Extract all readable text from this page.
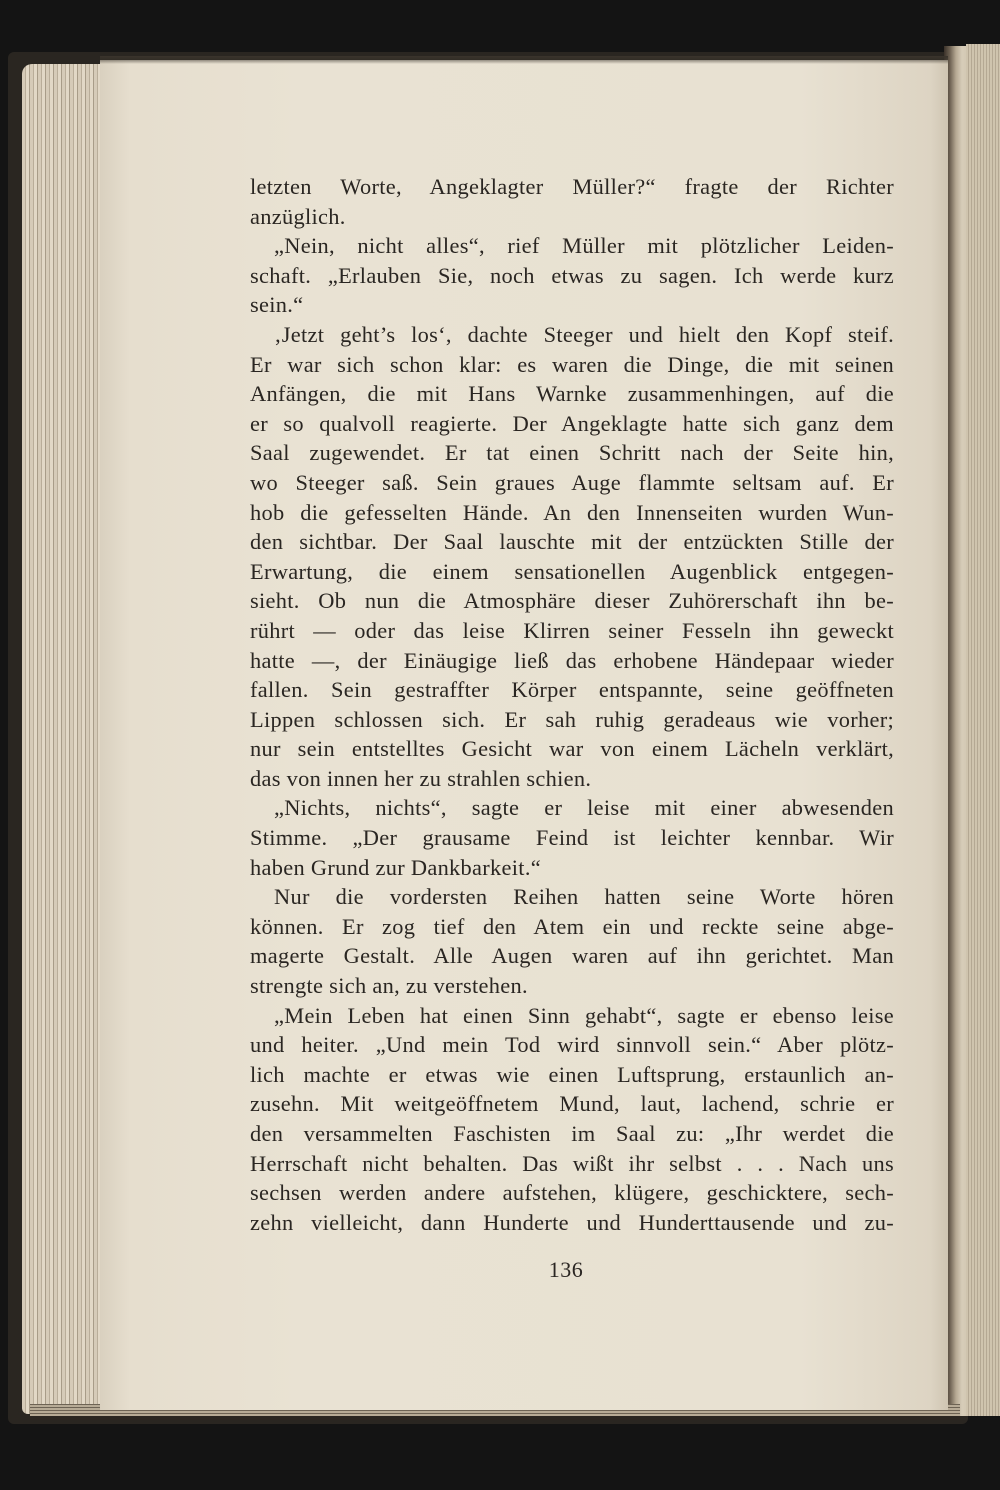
letzten Worte, Angeklagter Müller?“ fragte der Richter
anzüglich.
„Nein, nicht alles“, rief Müller mit plötzlicher Leiden-
schaft. „Erlauben Sie, noch etwas zu sagen. Ich werde kurz
sein.“
‚Jetzt geht’s los‘, dachte Steeger und hielt den Kopf steif.
Er war sich schon klar: es waren die Dinge, die mit seinen
Anfängen, die mit Hans Warnke zusammenhingen, auf die
er so qualvoll reagierte. Der Angeklagte hatte sich ganz dem
Saal zugewendet. Er tat einen Schritt nach der Seite hin,
wo Steeger saß. Sein graues Auge flammte seltsam auf. Er
hob die gefesselten Hände. An den Innenseiten wurden Wun-
den sichtbar. Der Saal lauschte mit der entzückten Stille der
Erwartung, die einem sensationellen Augenblick entgegen-
sieht. Ob nun die Atmosphäre dieser Zuhörerschaft ihn be-
rührt — oder das leise Klirren seiner Fesseln ihn geweckt
hatte —, der Einäugige ließ das erhobene Händepaar wieder
fallen. Sein gestraffter Körper entspannte, seine geöffneten
Lippen schlossen sich. Er sah ruhig geradeaus wie vorher;
nur sein entstelltes Gesicht war von einem Lächeln verklärt,
das von innen her zu strahlen schien.
„Nichts, nichts“, sagte er leise mit einer abwesenden
Stimme. „Der grausame Feind ist leichter kennbar. Wir
haben Grund zur Dankbarkeit.“
Nur die vordersten Reihen hatten seine Worte hören
können. Er zog tief den Atem ein und reckte seine abge-
magerte Gestalt. Alle Augen waren auf ihn gerichtet. Man
strengte sich an, zu verstehen.
„Mein Leben hat einen Sinn gehabt“, sagte er ebenso leise
und heiter. „Und mein Tod wird sinnvoll sein.“ Aber plötz-
lich machte er etwas wie einen Luftsprung, erstaunlich an-
zusehn. Mit weitgeöffnetem Mund, laut, lachend, schrie er
den versammelten Faschisten im Saal zu: „Ihr werdet die
Herrschaft nicht behalten. Das wißt ihr selbst . . . Nach uns
sechsen werden andere aufstehen, klügere, geschicktere, sech-
zehn vielleicht, dann Hunderte und Hunderttausende und zu-
136
